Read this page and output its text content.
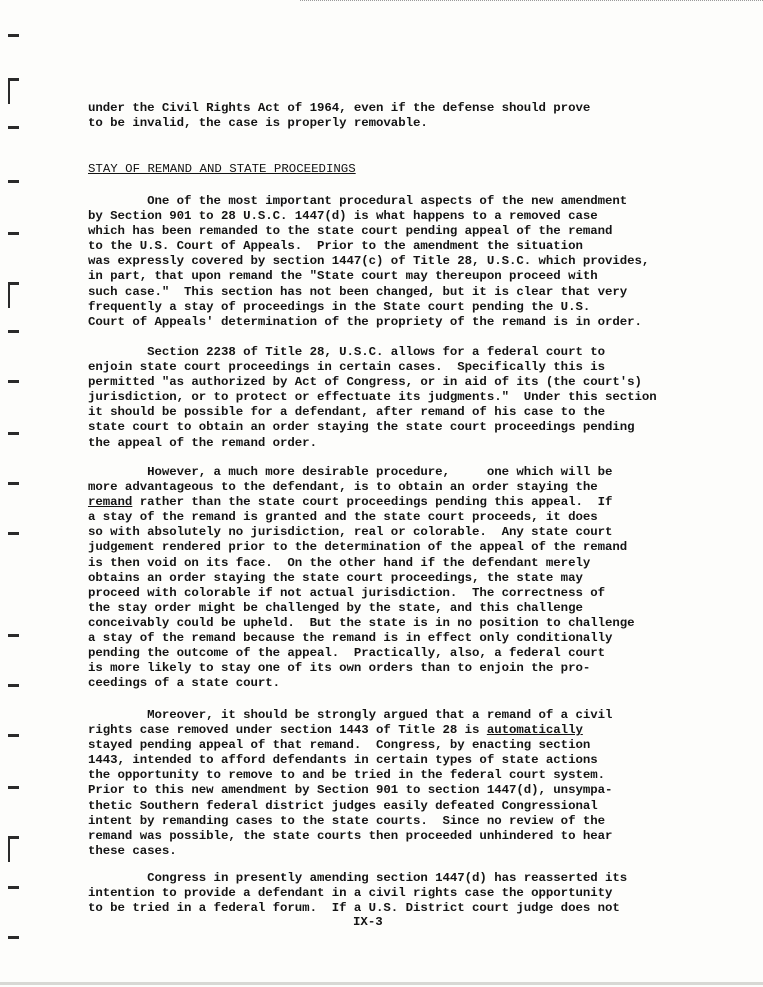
under the Civil Rights Act of 1964, even if the defense should prove
to be invalid, the case is properly removable.
STAY OF REMAND AND STATE PROCEEDINGS
One of the most important procedural aspects of the new amendment
by Section 901 to 28 U.S.C. 1447(d) is what happens to a removed case
which has been remanded to the state court pending appeal of the remand
to the U.S. Court of Appeals.  Prior to the amendment the situation
was expressly covered by section 1447(c) of Title 28, U.S.C. which provides,
in part, that upon remand the "State court may thereupon proceed with
such case."  This section has not been changed, but it is clear that very
frequently a stay of proceedings in the State court pending the U.S.
Court of Appeals' determination of the propriety of the remand is in order.
Section 2238 of Title 28, U.S.C. allows for a federal court to
enjoin state court proceedings in certain cases.  Specifically this is
permitted "as authorized by Act of Congress, or in aid of its (the court's)
jurisdiction, or to protect or effectuate its judgments."  Under this section
it should be possible for a defendant, after remand of his case to the
state court to obtain an order staying the state court proceedings pending
the appeal of the remand order.
However, a much more desirable procedure,     one which will be
more advantageous to the defendant, is to obtain an order staying the
remand rather than the state court proceedings pending this appeal.  If
a stay of the remand is granted and the state court proceeds, it does
so with absolutely no jurisdiction, real or colorable.  Any state court
judgement rendered prior to the determination of the appeal of the remand
is then void on its face.  On the other hand if the defendant merely
obtains an order staying the state court proceedings, the state may
proceed with colorable if not actual jurisdiction.  The correctness of
the stay order might be challenged by the state, and this challenge
conceivably could be upheld.  But the state is in no position to challenge
a stay of the remand because the remand is in effect only conditionally
pending the outcome of the appeal.  Practically, also, a federal court
is more likely to stay one of its own orders than to enjoin the pro-
ceedings of a state court.
Moreover, it should be strongly argued that a remand of a civil
rights case removed under section 1443 of Title 28 is automatically
stayed pending appeal of that remand.  Congress, by enacting section
1443, intended to afford defendants in certain types of state actions
the opportunity to remove to and be tried in the federal court system.
Prior to this new amendment by Section 901 to section 1447(d), unsympa-
thetic Southern federal district judges easily defeated Congressional
intent by remanding cases to the state courts.  Since no review of the
remand was possible, the state courts then proceeded unhindered to hear
these cases.
Congress in presently amending section 1447(d) has reasserted its
intention to provide a defendant in a civil rights case the opportunity
to be tried in a federal forum.  If a U.S. District court judge does not
IX-3
